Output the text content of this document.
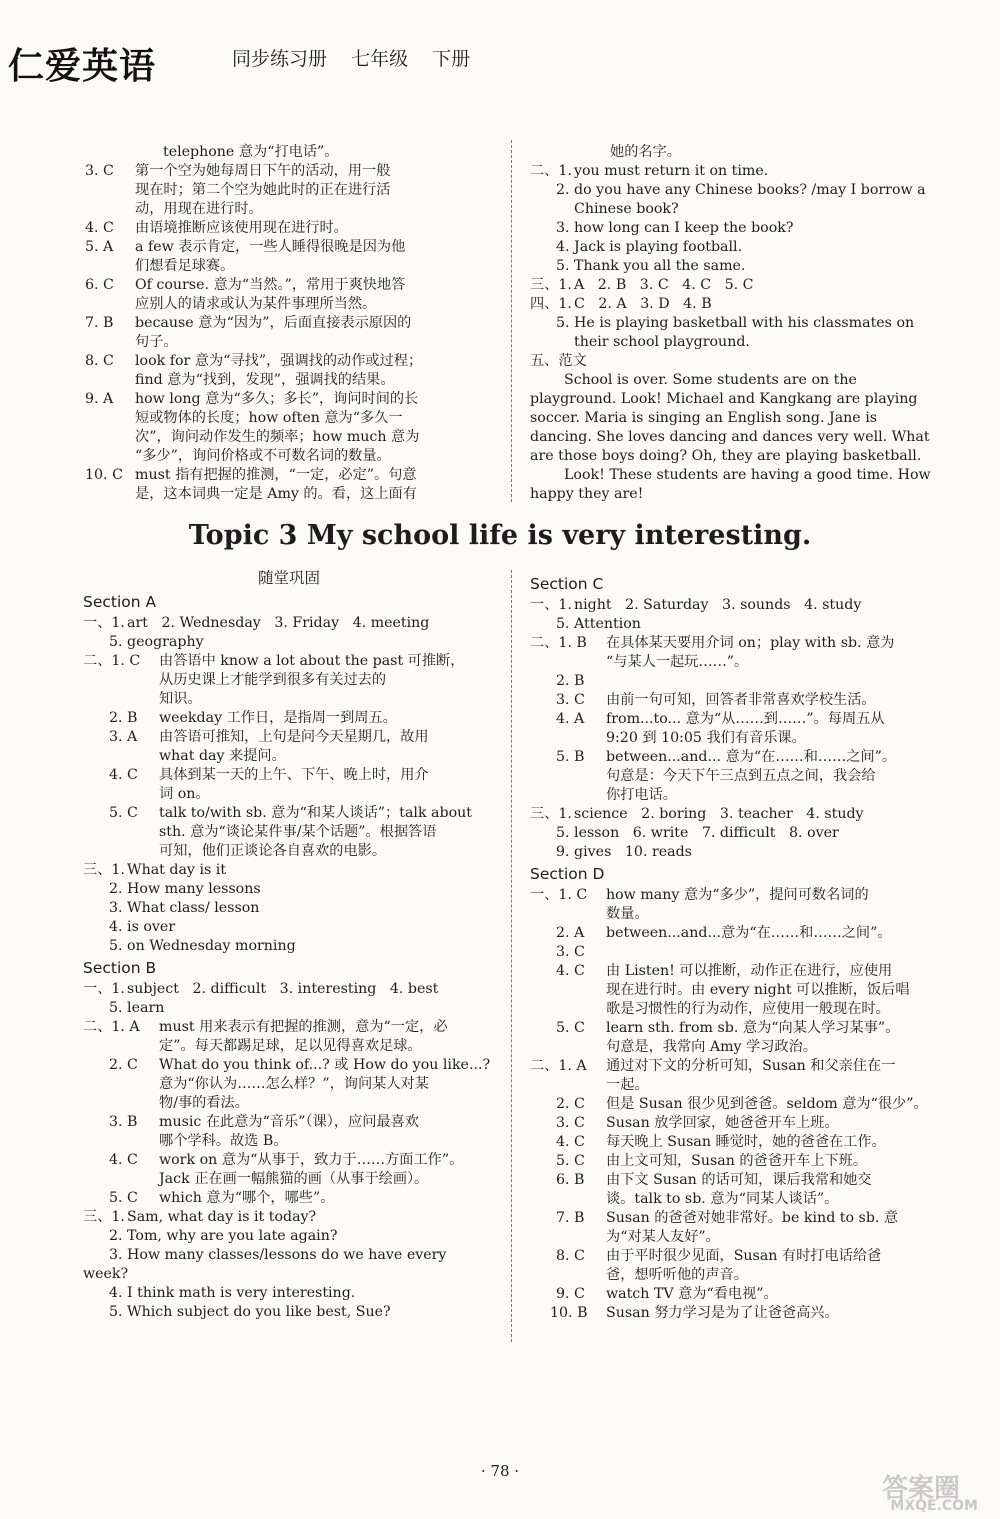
仁爱英语	同步练习册 七年级 下册
telephone 意为“打电话”。
3. C 第一个空为她每周日下午的活动，用一般
现在时；第二个空为她此时的正在进行活
动，用现在进行时。
4. C 由语境推断应该使用现在进行时。
5. A a few 表示肯定，一些人睡得很晚是因为他
们想看足球赛。
6. C Of course. 意为“当然。”，常用于爽快地答
应别人的请求或认为某件事理所当然。
7. B because 意为“因为”，后面直接表示原因的
句子。
8. C look for 意为“寻找”，强调找的动作或过程；
find 意为“找到，发现”，强调找的结果。
9. A how long 意为“多久；多长”，询问时间的长
短或物体的长度；how often 意为“多久一
次”，询问动作发生的频率；how much 意为
“多少”，询问价格或不可数名词的数量。
10. C must 指有把握的推测，“一定，必定”。句意
是，这本词典一定是 Amy 的。看，这上面有
她的名字。
二、1. you must return it on time.
2. do you have any Chinese books? /may I borrow a
Chinese book?
3. how long can I keep the book?
4. Jack is playing football.
5. Thank you all the same.
三、1. A   2. B   3. C   4. C   5. C
四、1. C   2. A   3. D   4. B
5. He is playing basketball with his classmates on
their school playground.
五、范文
School is over. Some students are on the
playground. Look! Michael and Kangkang are playing
soccer. Maria is singing an English song. Jane is
dancing. She loves dancing and dances very well. What
are those boys doing? Oh, they are playing basketball.
Look! These students are having a good time. How
happy they are!
Topic 3 My school life is very interesting.
随堂巩固
Section A
一、1. art   2. Wednesday   3. Friday   4. meeting
5. geography
二、1. C 由答语中 know a lot about the past 可推断，
从历史课上才能学到很多有关过去的
知识。
2. B weekday 工作日，是指周一到周五。
3. A 由答语可推知，上句是问今天星期几，故用
what day 来提问。
4. C 具体到某一天的上午、下午、晚上时，用介
词 on。
5. C talk to/with sb. 意为“和某人谈话”；talk about
sth. 意为“谈论某件事/某个话题”。根据答语
可知，他们正谈论各自喜欢的电影。
三、1. What day is it
2. How many lessons
3. What class/ lesson
4. is over
5. on Wednesday morning
Section B
一、1. subject   2. difficult   3. interesting   4. best
5. learn
二、1. A must 用来表示有把握的推测，意为“一定，必
定”。每天都踢足球，足以见得喜欢足球。
2. C What do you think of...? 或 How do you like...?
意为“你认为……怎么样？”，询问某人对某
物/事的看法。
3. B music 在此意为“音乐”（课），应问最喜欢
哪个学科。故选 B。
4. C work on 意为“从事于，致力于……方面工作”。
Jack 正在画一幅熊猫的画（从事于绘画）。
5. C which 意为“哪个，哪些”。
三、1. Sam, what day is it today?
2. Tom, why are you late again?
3. How many classes/lessons do we have every
week?
4. I think math is very interesting.
5. Which subject do you like best, Sue?
Section C
一、1. night   2. Saturday   3. sounds   4. study
5. Attention
二、1. B 在具体某天要用介词 on；play with sb. 意为
“与某人一起玩……”。
2. B
3. C 由前一句可知，回答者非常喜欢学校生活。
4. A from...to... 意为“从……到……”。每周五从
9:20 到 10:05 我们有音乐课。
5. B between...and... 意为“在……和……之间”。
句意是：今天下午三点到五点之间，我会给
你打电话。
三、1. science   2. boring   3. teacher   4. study
5. lesson   6. write   7. difficult   8. over
9. gives   10. reads
Section D
一、1. C how many 意为“多少”，提问可数名词的
数量。
2. A between...and...意为“在……和……之间”。
3. C
4. C 由 Listen! 可以推断，动作正在进行，应使用
现在进行时。由 every night 可以推断，饭后唱
歌是习惯性的行为动作，应使用一般现在时。
5. C learn sth. from sb. 意为“向某人学习某事”。
句意是，我常向 Amy 学习政治。
二、1. A 通过对下文的分析可知，Susan 和父亲住在一
一起。
2. C 但是 Susan 很少见到爸爸。seldom 意为“很少”。
3. C Susan 放学回家，她爸爸开车上班。
4. C 每天晚上 Susan 睡觉时，她的爸爸在工作。
5. C 由上文可知，Susan 的爸爸开车上下班。
6. B 由下文 Susan 的话可知，课后我常和她交
谈。talk to sb. 意为“同某人谈话”。
7. B Susan 的爸爸对她非常好。be kind to sb. 意
为“对某人友好”。
8. C 由于平时很少见面，Susan 有时打电话给爸
爸，想听听他的声音。
9. C watch TV 意为“看电视”。
10. B Susan 努力学习是为了让爸爸高兴。
· 78 ·
答案圈
MXQE.COM
